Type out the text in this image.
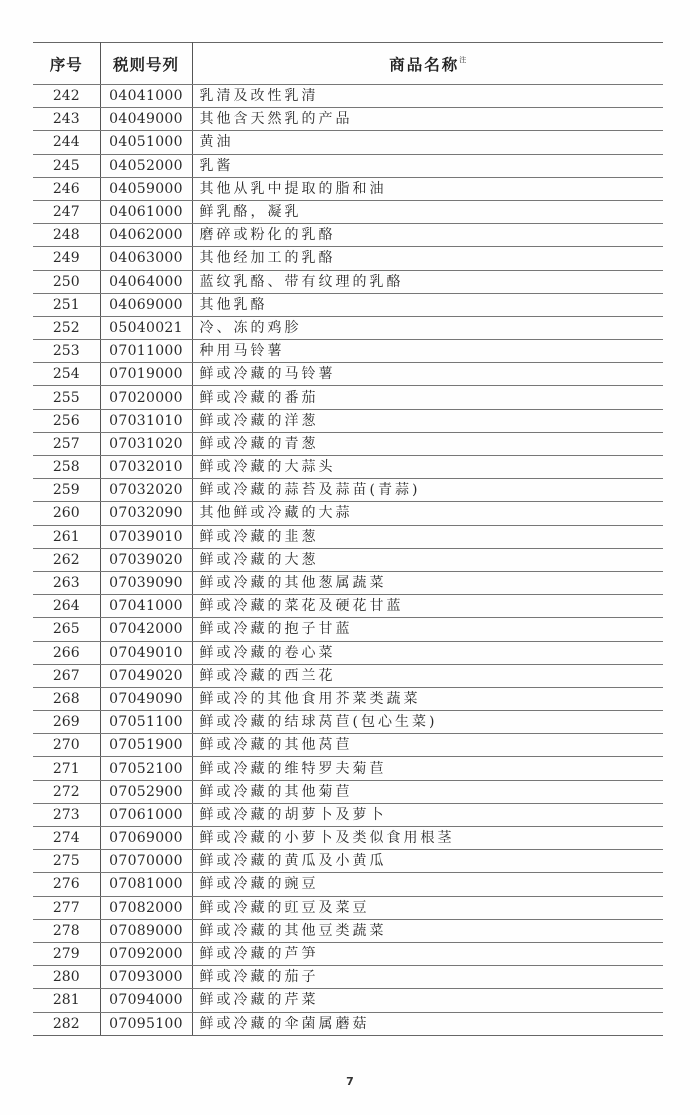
序号	税则号列	商品名称$^注$
242	04041000	乳清及改性乳清
243	04049000	其他含天然乳的产品
244	04051000	黄油
245	04052000	乳酱
246	04059000	其他从乳中提取的脂和油
247	04061000	鲜乳酪，凝乳
248	04062000	磨碎或粉化的乳酪
249	04063000	其他经加工的乳酪
250	04064000	蓝纹乳酪、带有纹理的乳酪
251	04069000	其他乳酪
252	05040021	冷、冻的鸡胗
253	07011000	种用马铃薯
254	07019000	鲜或冷藏的马铃薯
255	07020000	鲜或冷藏的番茄
256	07031010	鲜或冷藏的洋葱
257	07031020	鲜或冷藏的青葱
258	07032010	鲜或冷藏的大蒜头
259	07032020	鲜或冷藏的蒜苔及蒜苗(青蒜)
260	07032090	其他鲜或冷藏的大蒜
261	07039010	鲜或冷藏的韭葱
262	07039020	鲜或冷藏的大葱
263	07039090	鲜或冷藏的其他葱属蔬菜
264	07041000	鲜或冷藏的菜花及硬花甘蓝
265	07042000	鲜或冷藏的抱子甘蓝
266	07049010	鲜或冷藏的卷心菜
267	07049020	鲜或冷藏的西兰花
268	07049090	鲜或冷的其他食用芥菜类蔬菜
269	07051100	鲜或冷藏的结球莴苣(包心生菜)
270	07051900	鲜或冷藏的其他莴苣
271	07052100	鲜或冷藏的维特罗夫菊苣
272	07052900	鲜或冷藏的其他菊苣
273	07061000	鲜或冷藏的胡萝卜及萝卜
274	07069000	鲜或冷藏的小萝卜及类似食用根茎
275	07070000	鲜或冷藏的黄瓜及小黄瓜
276	07081000	鲜或冷藏的豌豆
277	07082000	鲜或冷藏的豇豆及菜豆
278	07089000	鲜或冷藏的其他豆类蔬菜
279	07092000	鲜或冷藏的芦笋
280	07093000	鲜或冷藏的茄子
281	07094000	鲜或冷藏的芹菜
282	07095100	鲜或冷藏的伞菌属蘑菇
7
